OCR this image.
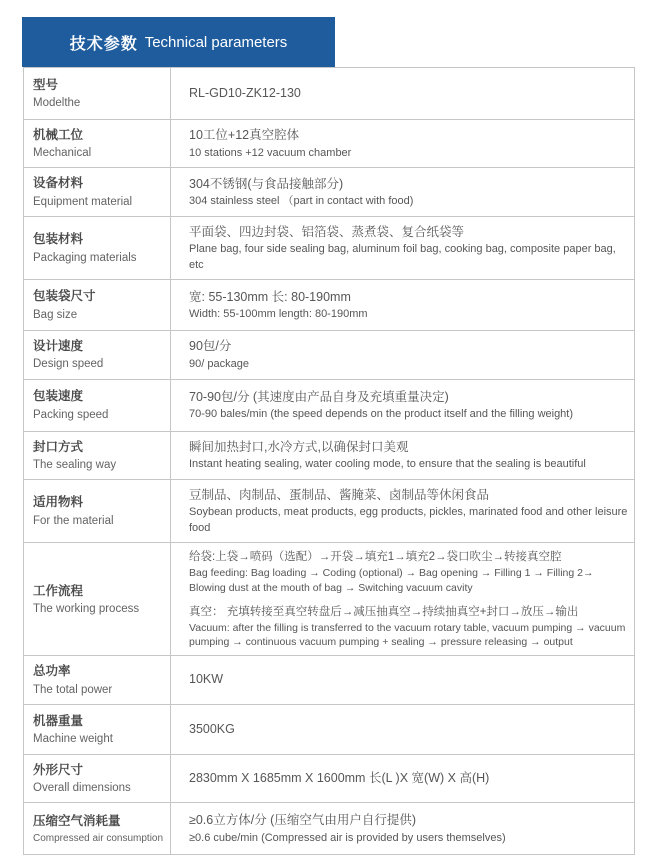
技术参数 Technical parameters
型号
Modelthe
RL-GD10-ZK12-130
机械工位
Mechanical
10工位+12真空腔体
10 stations +12 vacuum chamber
设备材料
Equipment material
304不锈钢(与食品接触部分)
304 stainless steel （part in contact with food)
包装材料
Packaging materials
平面袋、四边封袋、铝箔袋、蒸煮袋、复合纸袋等
Plane bag, four side sealing bag, aluminum foil bag, cooking bag, composite paper bag, etc
包装袋尺寸
Bag size
宽: 55-130mm 长: 80-190mm
Width: 55-100mm length: 80-190mm
设计速度
Design speed
90包/分
90/ package
包装速度
Packing speed
70-90包/分 (其速度由产品自身及充填重量决定)
70-90 bales/min (the speed depends on the product itself and the filling weight)
封口方式
The sealing way
瞬间加热封口,水冷方式,以确保封口美观
Instant heating sealing, water cooling mode, to ensure that the sealing is beautiful
适用物料
For the material
豆制品、肉制品、蛋制品、酱腌菜、卤制品等休闲食品
Soybean products, meat products, egg products, pickles, marinated food and other leisure food
工作流程
The working process
给袋:上袋→喷码（选配）→开袋→填充1→填充2→袋口吹尘→转接真空腔
Bag feeding: Bag loading → Coding (optional) → Bag opening → Filling 1 → Filling 2→ Blowing dust at the mouth of bag → Switching vacuum cavity
真空： 充填转接至真空转盘后→减压抽真空→持续抽真空+封口→放压→输出
Vacuum: after the filling is transferred to the vacuum rotary table, vacuum pumping → vacuum pumping → continuous vacuum pumping + sealing → pressure releasing → output
总功率
The total power
10KW
机器重量
Machine weight
3500KG
外形尺寸
Overall dimensions
2830mm X 1685mm X 1600mm 长(L )X 宽(W) X 高(H)
压缩空气消耗量
Compressed air consumption
≥0.6立方体/分 (压缩空气由用户自行提供)
≥0.6 cube/min (Compressed air is provided by users themselves)
